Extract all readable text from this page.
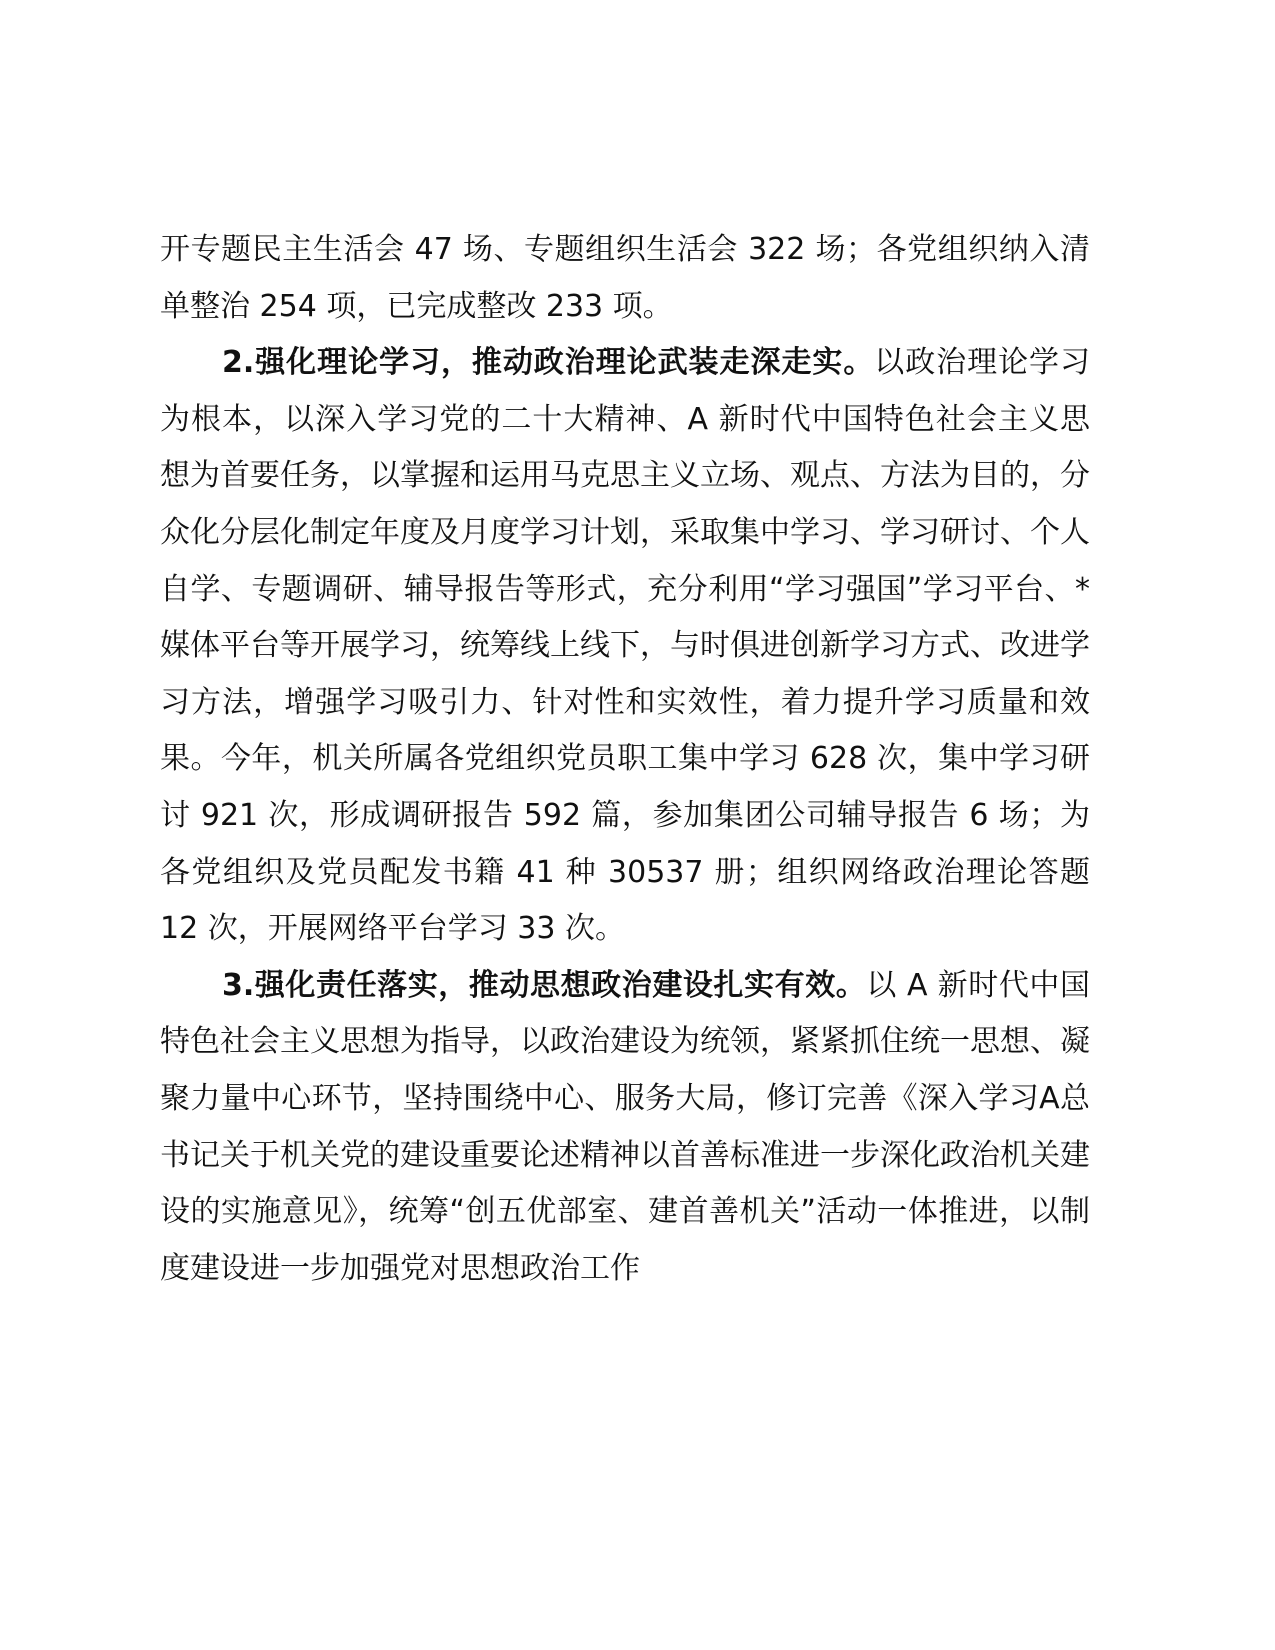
开专题民主生活会 47 场、专题组织生活会 322 场；各党组织纳入清单整治 254 项，已完成整改 233 项。

2.强化理论学习，推动政治理论武装走深走实。以政治理论学习为根本，以深入学习党的二十大精神、A 新时代中国特色社会主义思想为首要任务，以掌握和运用马克思主义立场、观点、方法为目的，分众化分层化制定年度及月度学习计划，采取集中学习、学习研讨、个人自学、专题调研、辅导报告等形式，充分利用“学习强国”学习平台、*媒体平台等开展学习，统筹线上线下，与时俱进创新学习方式、改进学习方法，增强学习吸引力、针对性和实效性，着力提升学习质量和效果。今年，机关所属各党组织党员职工集中学习 628 次，集中学习研讨 921 次，形成调研报告 592 篇，参加集团公司辅导报告 6 场；为各党组织及党员配发书籍 41 种 30537 册；组织网络政治理论答题 12 次，开展网络平台学习 33 次。

3.强化责任落实，推动思想政治建设扎实有效。以 A 新时代中国特色社会主义思想为指导，以政治建设为统领，紧紧抓住统一思想、凝聚力量中心环节，坚持围绕中心、服务大局，修订完善《深入学习A总书记关于机关党的建设重要论述精神以首善标准进一步深化政治机关建设的实施意见》，统筹“创五优部室、建首善机关”活动一体推进，以制度建设进一步加强党对思想政治工作
